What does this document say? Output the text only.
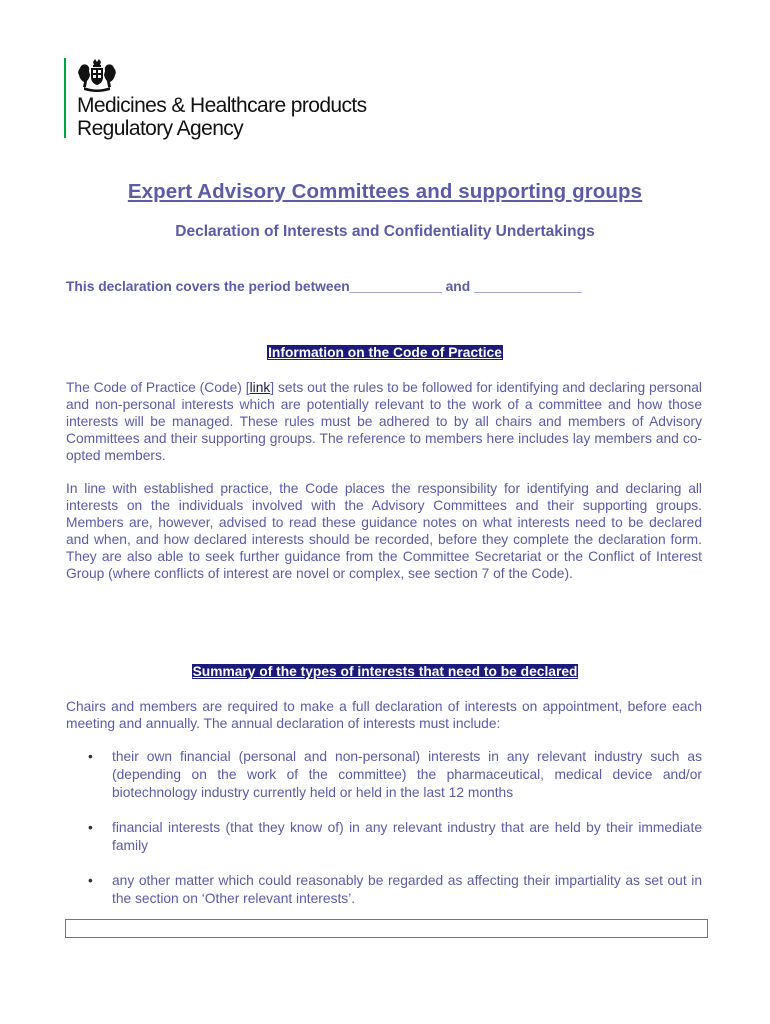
Medicines & Healthcare products
Regulatory Agency
Expert Advisory Committees and supporting groups
Declaration of Interests and Confidentiality Undertakings
This declaration covers the period between____________ and ______________
Information on the Code of Practice
The Code of Practice (Code) [link] sets out the rules to be followed for identifying and declaring personal and non-personal interests which are potentially relevant to the work of a committee and how those interests will be managed. These rules must be adhered to by all chairs and members of Advisory Committees and their supporting groups. The reference to members here includes lay members and co-opted members.
In line with established practice, the Code places the responsibility for identifying and declaring all interests on the individuals involved with the Advisory Committees and their supporting groups. Members are, however, advised to read these guidance notes on what interests need to be declared and when, and how declared interests should be recorded, before they complete the declaration form. They are also able to seek further guidance from the Committee Secretariat or the Conflict of Interest Group (where conflicts of interest are novel or complex, see section 7 of the Code).
Summary of the types of interests that need to be declared
Chairs and members are required to make a full declaration of interests on appointment, before each meeting and annually. The annual declaration of interests must include:
• their own financial (personal and non-personal) interests in any relevant industry such as (depending on the work of the committee) the pharmaceutical, medical device and/or biotechnology industry currently held or held in the last 12 months
• financial interests (that they know of) in any relevant industry that are held by their immediate family
• any other matter which could reasonably be regarded as affecting their impartiality as set out in the section on ‘Other relevant interests’.
